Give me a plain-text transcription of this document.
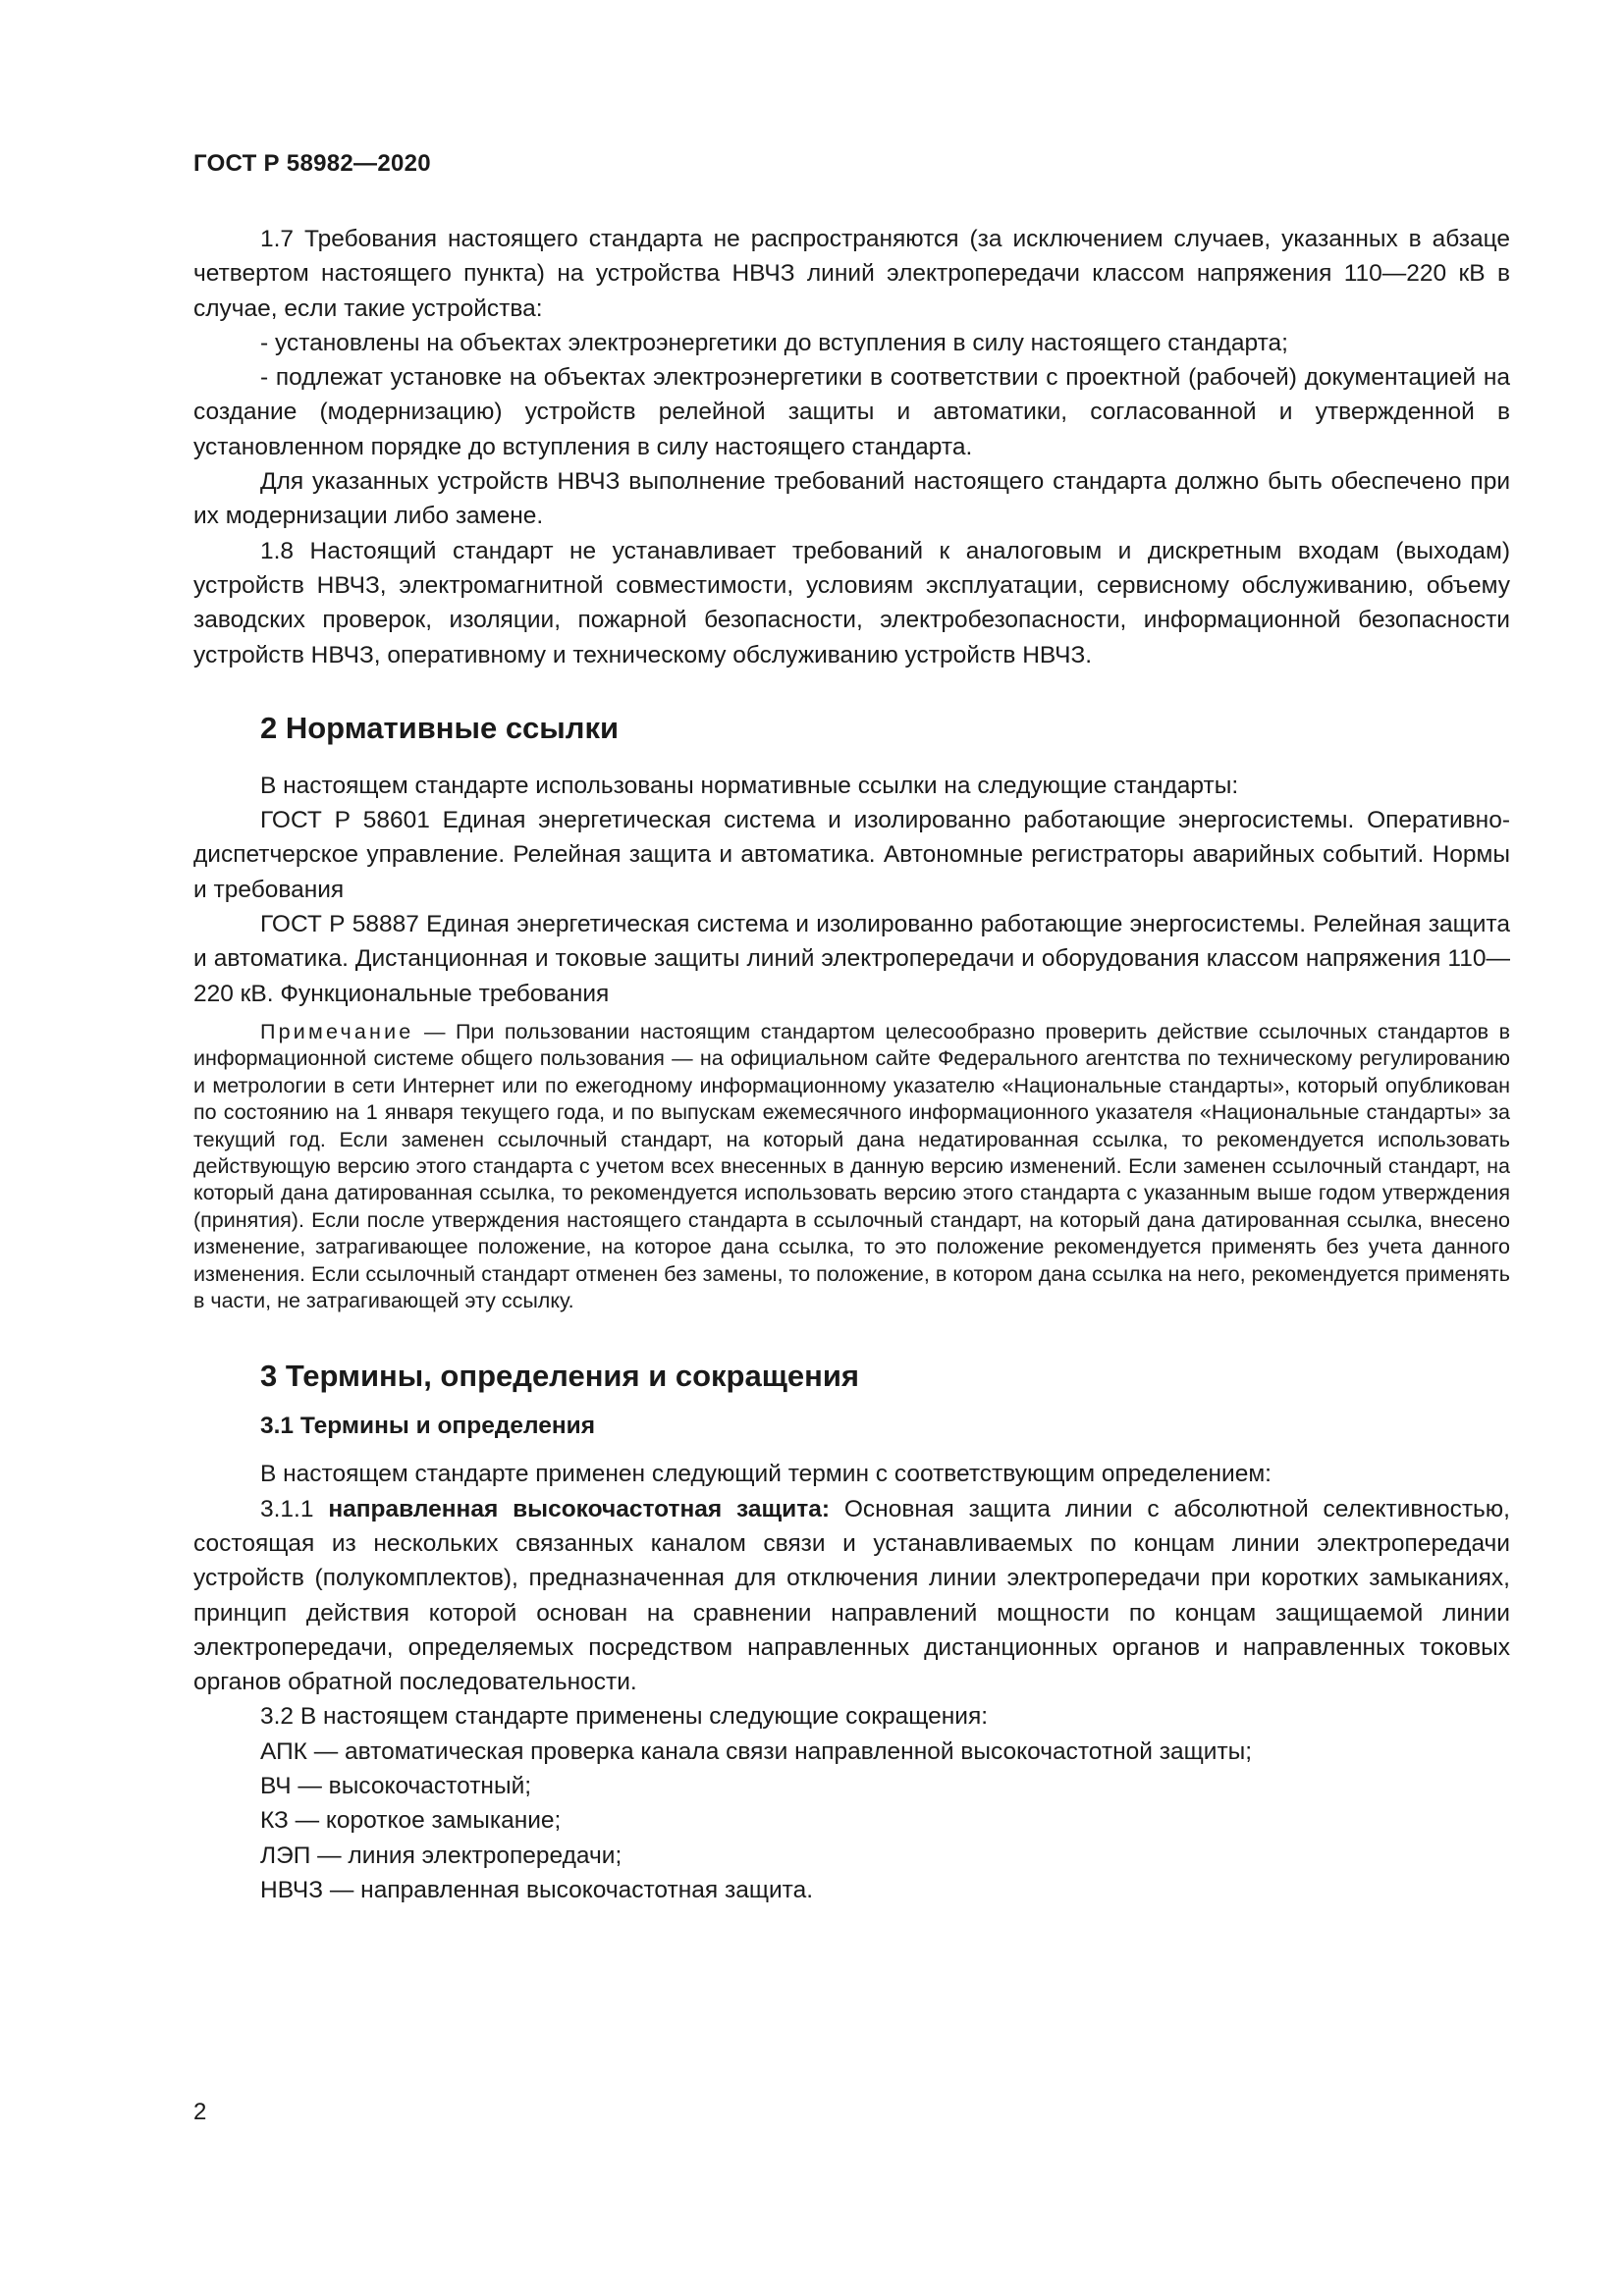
ГОСТ Р 58982—2020

1.7 Требования настоящего стандарта не распространяются (за исключением случаев, указанных в абзаце четвертом настоящего пункта) на устройства НВЧЗ линий электропередачи классом напряжения 110—220 кВ в случае, если такие устройства:

- установлены на объектах электроэнергетики до вступления в силу настоящего стандарта;

- подлежат установке на объектах электроэнергетики в соответствии с проектной (рабочей) документацией на создание (модернизацию) устройств релейной защиты и автоматики, согласованной и утвержденной в установленном порядке до вступления в силу настоящего стандарта.

Для указанных устройств НВЧЗ выполнение требований настоящего стандарта должно быть обеспечено при их модернизации либо замене.

1.8 Настоящий стандарт не устанавливает требований к аналоговым и дискретным входам (выходам) устройств НВЧЗ, электромагнитной совместимости, условиям эксплуатации, сервисному обслуживанию, объему заводских проверок, изоляции, пожарной безопасности, электробезопасности, информационной безопасности устройств НВЧЗ, оперативному и техническому обслуживанию устройств НВЧЗ.

2 Нормативные ссылки

В настоящем стандарте использованы нормативные ссылки на следующие стандарты:

ГОСТ Р 58601 Единая энергетическая система и изолированно работающие энергосистемы. Оперативно-диспетчерское управление. Релейная защита и автоматика. Автономные регистраторы аварийных событий. Нормы и требования

ГОСТ Р 58887 Единая энергетическая система и изолированно работающие энергосистемы. Релейная защита и автоматика. Дистанционная и токовые защиты линий электропередачи и оборудования классом напряжения 110—220 кВ. Функциональные требования

Примечание — При пользовании настоящим стандартом целесообразно проверить действие ссылочных стандартов в информационной системе общего пользования — на официальном сайте Федерального агентства по техническому регулированию и метрологии в сети Интернет или по ежегодному информационному указателю «Национальные стандарты», который опубликован по состоянию на 1 января текущего года, и по выпускам ежемесячного информационного указателя «Национальные стандарты» за текущий год. Если заменен ссылочный стандарт, на который дана недатированная ссылка, то рекомендуется использовать действующую версию этого стандарта с учетом всех внесенных в данную версию изменений. Если заменен ссылочный стандарт, на который дана датированная ссылка, то рекомендуется использовать версию этого стандарта с указанным выше годом утверждения (принятия). Если после утверждения настоящего стандарта в ссылочный стандарт, на который дана датированная ссылка, внесено изменение, затрагивающее положение, на которое дана ссылка, то это положение рекомендуется применять без учета данного изменения. Если ссылочный стандарт отменен без замены, то положение, в котором дана ссылка на него, рекомендуется применять в части, не затрагивающей эту ссылку.

3 Термины, определения и сокращения
3.1 Термины и определения

В настоящем стандарте применен следующий термин с соответствующим определением:

3.1.1 направленная высокочастотная защита: Основная защита линии с абсолютной селективностью, состоящая из нескольких связанных каналом связи и устанавливаемых по концам линии электропередачи устройств (полукомплектов), предназначенная для отключения линии электропередачи при коротких замыканиях, принцип действия которой основан на сравнении направлений мощности по концам защищаемой линии электропередачи, определяемых посредством направленных дистанционных органов и направленных токовых органов обратной последовательности.

3.2 В настоящем стандарте применены следующие сокращения:

АПК — автоматическая проверка канала связи направленной высокочастотной защиты;

ВЧ — высокочастотный;

КЗ — короткое замыкание;

ЛЭП — линия электропередачи;

НВЧЗ — направленная высокочастотная защита.

2
